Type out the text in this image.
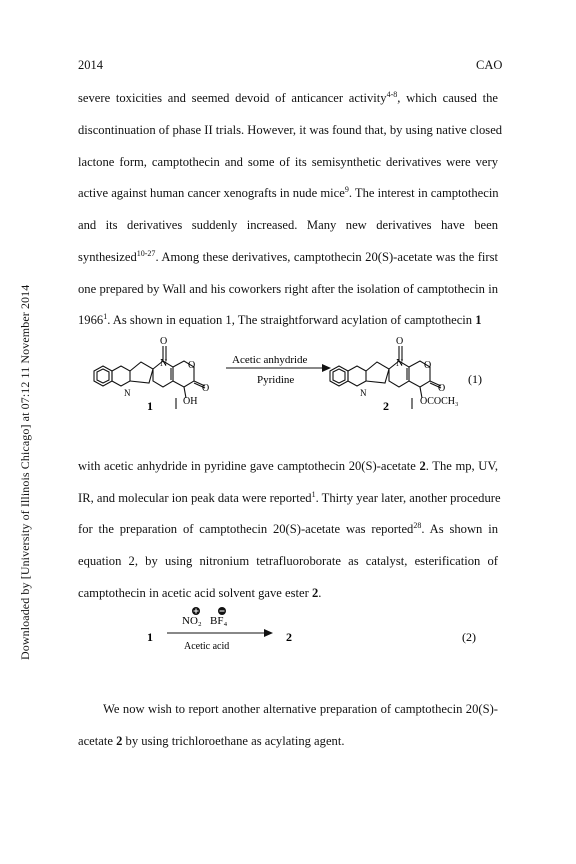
2014	CAO
Downloaded by [University of Illinois Chicago] at 07:12 11 November 2014
severe toxicities and seemed devoid of anticancer activity$^{4-8}$, which caused the
discontinuation of phase II trials. However, it was found that, by using native closed
lactone form, camptothecin and some of its semisynthetic derivatives were very
active against human cancer xenografts in nude mice$^9$. The interest in camptothecin
and its derivatives suddenly increased. Many new derivatives have been
synthesized$^{10-27}$. Among these derivatives, camptothecin 20(S)-acetate was the first
one prepared by Wall and his coworkers right after the isolation of camptothecin in
1966$^1$. As shown in equation 1, The straightforward acylation of camptothecin 1
O
N
N
O
O
OH
1
Acetic anhydride
Pyridine
O
N
N
O
O
OCOCH₃
2
(1)
with acetic anhydride in pyridine gave camptothecin 20(S)-acetate 2. The mp, UV,
IR, and molecular ion peak data were reported$^1$. Thirty year later, another procedure
for the preparation of camptothecin 20(S)-acetate was reported$^{28}$. As shown in
equation 2, by using nitronium tetrafluoroborate as catalyst, esterification of
camptothecin in acetic acid solvent gave ester 2.
1
NO₂ BF₄
Acetic acid
2	(2)
We now wish to report another alternative preparation of camptothecin 20(S)-
acetate 2 by using trichloroethane as acylating agent.
